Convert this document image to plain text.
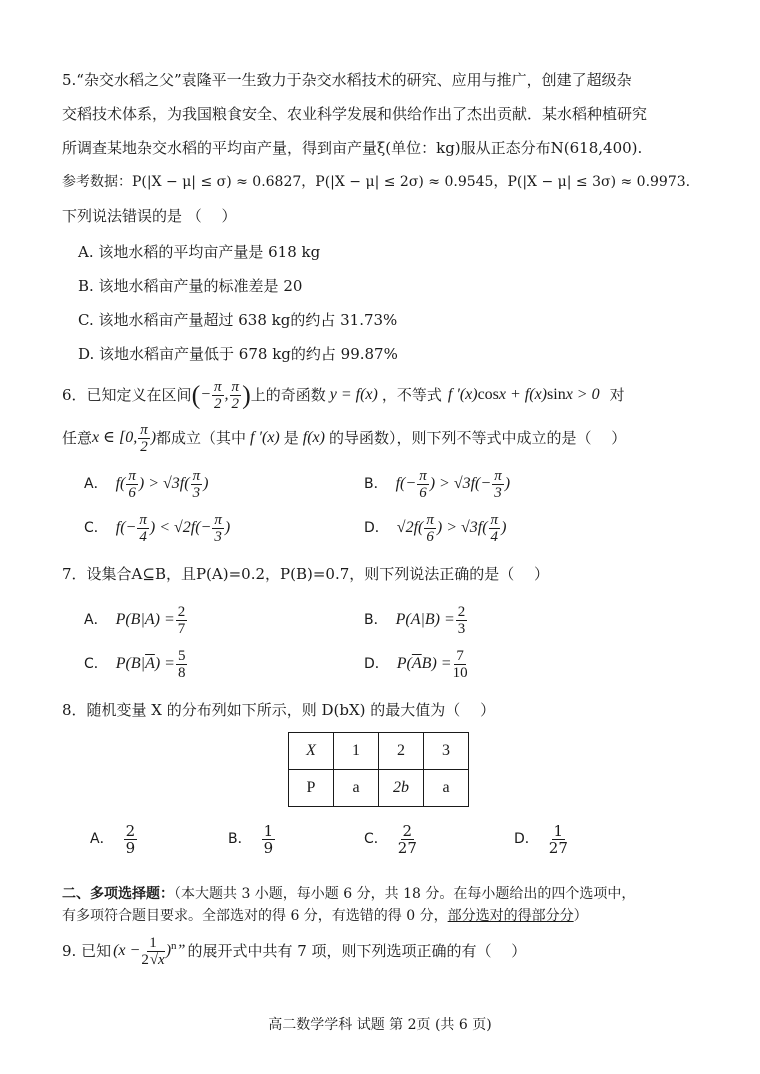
5.“杂交水稻之父”袁隆平一生致力于杂交水稻技术的研究、应用与推广，创建了超级杂
交稻技术体系，为我国粮食安全、农业科学发展和供给作出了杰出贡献．某水稻种植研究
所调查某地杂交水稻的平均亩产量，得到亩产量ξ(单位：kg)服从正态分布N(618,400).
参考数据：P(|X − μ| ≤ σ) ≈ 0.6827，P(|X − μ| ≤ 2σ) ≈ 0.9545，P(|X − μ| ≤ 3σ) ≈ 0.9973.
下列说法错误的是 （　 ）
A. 该地水稻的平均亩产量是 618 kg
B. 该地水稻亩产量的标准差是 20
C. 该地水稻亩产量超过 638 kg的约占 31.73%
D. 该地水稻亩产量低于 678 kg的约占 99.87%
6． 已知定义在区间 (− $\frac{\pi}{2}$ , $\frac{\pi}{2}$ ) 上的奇函数 y = f(x) ，不等式 f ′(x)cosx + f(x)sinx > 0 对
任意 x ∈ [0, $\frac{\pi}{2}$ ) 都成立（其中 f ′(x) 是 f(x) 的导函数），则下列不等式中成立的是（　 ）
A． $f( \frac{\pi}{6}$ ) > $√3f( \frac{\pi}{3}$ )	B． $f(- \frac{\pi}{6}$ ) > $√3f(- \frac{\pi}{3}$ )
C． $f(- \frac{\pi}{4}$ ) < $√2f(- \frac{\pi}{3}$ )	D． $√2f( \frac{\pi}{6}$ ) > $√3f( \frac{\pi}{4}$ )
7．设集合A⊆B，且P(A)=0.2，P(B)=0.7，则下列说法正确的是（　 ）
A． $P(B|A) = \frac{2}{7}$	B． $P(A|B) = \frac{2}{3}$
C． $P(B|\overline{A}) = \frac{5}{8}$	D． $P(\overline{A}B) = \frac{7}{10}$
8．随机变量 X 的分布列如下所示，则 D(bX) 的最大值为（　 ）
X	1	2	3
P	a	2b	a
A． $\frac{2}{9}$	B． $\frac{1}{9}$	C． $\frac{2}{27}$	D． $\frac{1}{27}$
二、多项选择题：（本大题共 3 小题，每小题 6 分，共 18 分。在每小题给出的四个选项中，
有多项符合题目要求。全部选对的得 6 分，有选错的得 0 分，部分选对的得部分分）
9. 已知 $(x - \frac{1}{2√x} )^n$” 的展开式中共有 7 项，则下列选项正确的有（　 ）
高二数学学科 试题 第 2页 (共 6 页)
